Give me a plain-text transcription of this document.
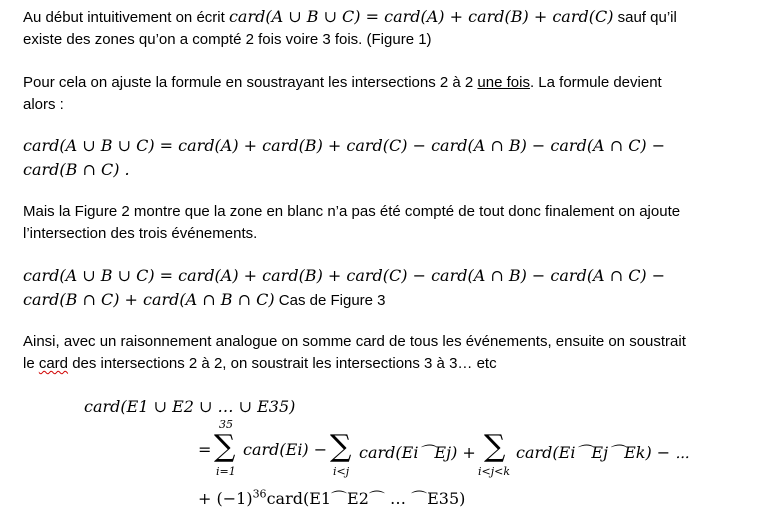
Au début intuitivement on écrit card(A ∪ B ∪ C) = card(A) + card(B) + card(C) sauf qu’il
existe des zones qu’on a compté 2 fois voire 3 fois. (Figure 1)

Pour cela on ajuste la formule en soustrayant les intersections 2 à 2 une fois. La formule devient
alors :

card(A ∪ B ∪ C) = card(A) + card(B) + card(C) − card(A ∩ B) − card(A ∩ C) −
card(B ∩ C) .

Mais la Figure 2 montre que la zone en blanc n’a pas été compté de tout donc finalement on ajoute
l’intersection des trois événements.

card(A ∪ B ∪ C) = card(A) + card(B) + card(C) − card(A ∩ B) − card(A ∩ C) −
card(B ∩ C) + card(A ∩ B ∩ C) Cas de Figure 3

Ainsi, avec un raisonnement analogue on somme card de tous les événements, ensuite on soustrait
le card des intersections 2 à 2, on soustrait les intersections 3 à 3… etc

card(E1 ∪ E2 ∪ … ∪ E35)
=
35
∑
i=1
card(Ei) − ∑
i<j
card(Ei⌒Ej) + ∑
i<j<k
card(Ei⌒Ej⌒Ek) − ⋯
+ $(-1)^{36}card(E1⌒E2⌒$ … ⌒E35)
